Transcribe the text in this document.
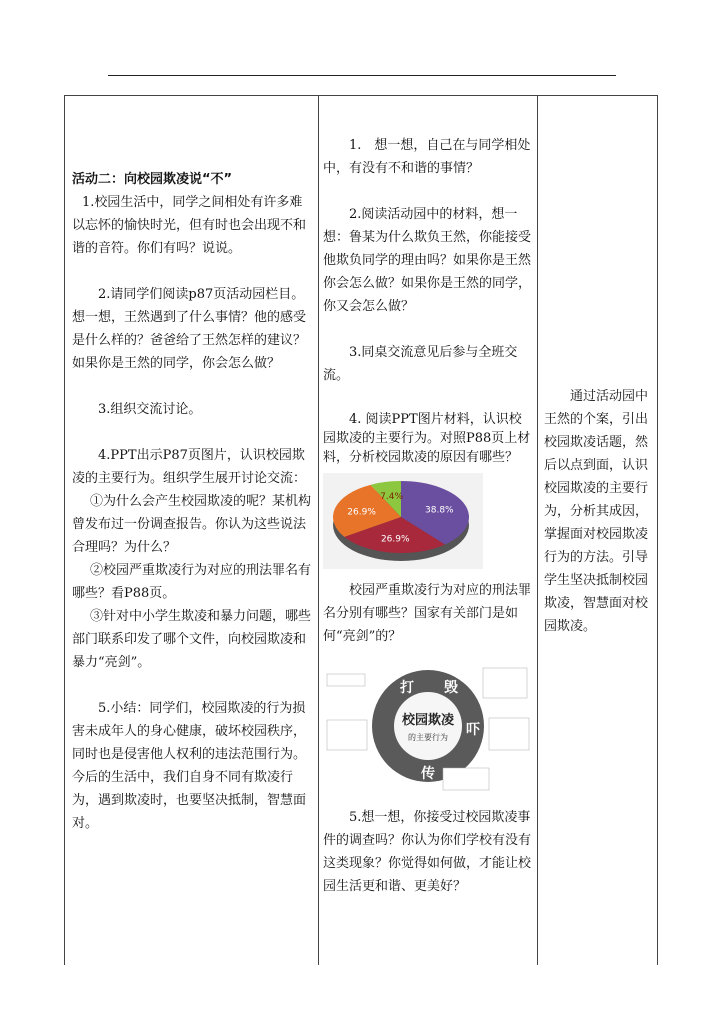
活动二：向校园欺凌说“不”

1.校园生活中，同学之间相处有许多难以忘怀的愉快时光，但有时也会出现不和谐的音符。你们有吗？说说。

2.请同学们阅读p87页活动园栏目。想一想，王然遇到了什么事情？他的感受是什么样的？爸爸给了王然怎样的建议？如果你是王然的同学，你会怎么做？

3.组织交流讨论。

4.PPT出示P87页图片，认识校园欺凌的主要行为。组织学生展开讨论交流：

①为什么会产生校园欺凌的呢？某机构曾发布过一份调查报告。你认为这些说法合理吗？为什么？

②校园严重欺凌行为对应的刑法罪名有哪些？看P88页。

③针对中小学生欺凌和暴力问题，哪些部门联系印发了哪个文件，向校园欺凌和暴力“亮剑”。

5.小结：同学们，校园欺凌的行为损害未成年人的身心健康，破坏校园秩序，同时也是侵害他人权利的违法范围行为。今后的生活中，我们自身不同有欺凌行为，遇到欺凌时，也要坚决抵制，智慧面对。

1.　想一想，自己在与同学相处中，有没有不和谐的事情？

2.阅读活动园中的材料，想一想：鲁某为什么欺负王然，你能接受他欺负同学的理由吗？如果你是王然你会怎么做？如果你是王然的同学，你又会怎么做？

3.同桌交流意见后参与全班交流。

4. 阅读PPT图片材料，认识校园欺凌的主要行为。对照P88页上材料，分析校园欺凌的原因有哪些？

38.8%
26.9%
26.9%
7.4%

校园严重欺凌行为对应的刑法罪名分别有哪些？国家有关部门是如何“亮剑”的？

校园欺凌
的主要行为
打 毁
吓
传

5.想一想，你接受过校园欺凌事件的调查吗？你认为你们学校有没有这类现象？你觉得如何做，才能让校园生活更和谐、更美好？

通过活动园中王然的个案，引出校园欺凌话题，然后以点到面，认识校园欺凌的主要行为，分析其成因，掌握面对校园欺凌行为的方法。引导学生坚决抵制校园欺凌，智慧面对校园欺凌。
